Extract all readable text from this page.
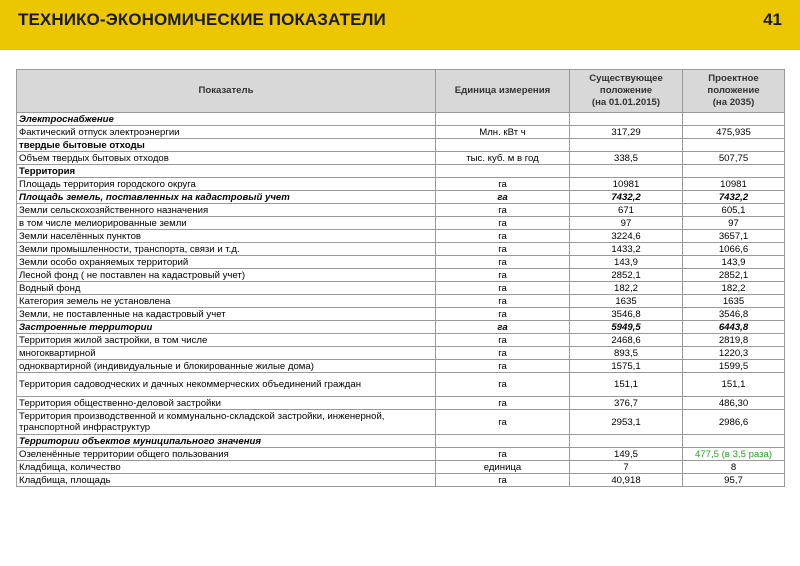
ТЕХНИКО-ЭКОНОМИЧЕСКИЕ ПОКАЗАТЕЛИ	41
Показатель	Единица измерения	Существующее
положение
(на 01.01.2015)	Проектное
положение
(на 2035)
Электроснабжение			
Фактический отпуск электроэнергии	Млн. кВт ч	317,29	475,935
твердые бытовые отходы			
Объем твердых бытовых отходов	тыс. куб. м в год	338,5	507,75
Территория			
Площадь территория городского округа	га	10981	10981
Площадь земель, поставленных на кадастровый учет	га	7432,2	7432,2
Земли сельскохозяйственного назначения	га	671	605,1
в том числе мелиорированные земли	га	97	97
Земли населённых пунктов	га	3224,6	3657,1
Земли промышленности, транспорта, связи и т.д.	га	1433,2	1066,6
Земли особо охраняемых территорий	га	143,9	143,9
Лесной фонд ( не поставлен на кадастровый учет)	га	2852,1	2852,1
Водный фонд	га	182,2	182,2
Категория земель не установлена	га	1635	1635
Земли, не поставленные на кадастровый учет	га	3546,8	3546,8
Застроенные территории	га	5949,5	6443,8
Территория жилой застройки, в том числе	га	2468,6	2819,8
многоквартирной	га	893,5	1220,3
одноквартирной (индивидуальные и блокированные жилые дома)	га	1575,1	1599,5
Территория садоводческих и дачных некоммерческих объединений граждан	га	151,1	151,1
Территория общественно-деловой застройки	га	376,7	486,30
Территория производственной и коммунально-складской застройки, инженерной, транспортной инфраструктур	га	2953,1	2986,6
Территории объектов муниципального значения			
Озеленённые территории общего пользования	га	149,5	477,5 (в 3,5 раза)
Кладбища, количество	единица	7	8
Кладбища, площадь	га	40,918	95,7
